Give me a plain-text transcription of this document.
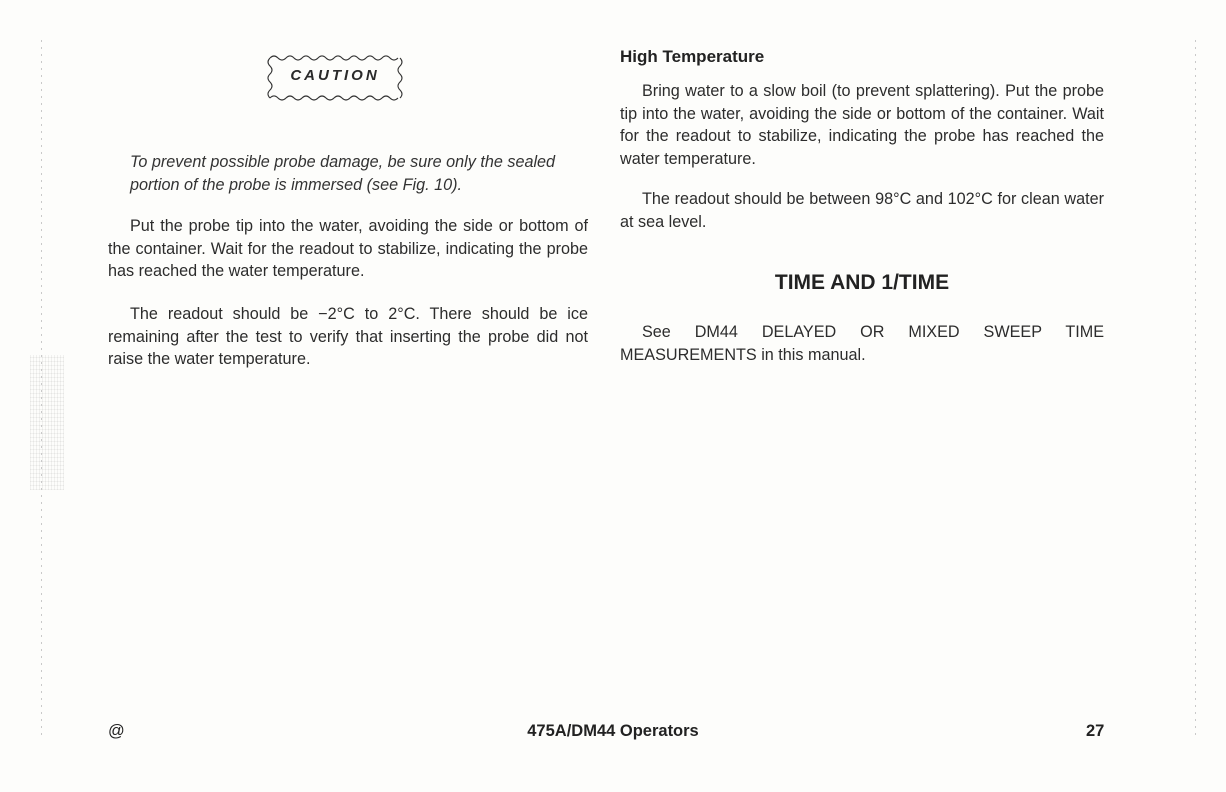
CAUTION

To prevent possible probe damage, be sure only the sealed portion of the probe is immersed (see Fig. 10).

Put the probe tip into the water, avoiding the side or bottom of the container. Wait for the readout to stabilize, indicating the probe has reached the water temperature.

The readout should be −2°C to 2°C. There should be ice remaining after the test to verify that inserting the probe did not raise the water temperature.

High Temperature

Bring water to a slow boil (to prevent splattering). Put the probe tip into the water, avoiding the side or bottom of the container. Wait for the readout to stabilize, indicating the probe has reached the water temperature.

The readout should be between 98°C and 102°C for clean water at sea level.

TIME AND 1/TIME

See DM44 DELAYED OR MIXED SWEEP TIME MEASUREMENTS in this manual.

@	475A/DM44 Operators	27
